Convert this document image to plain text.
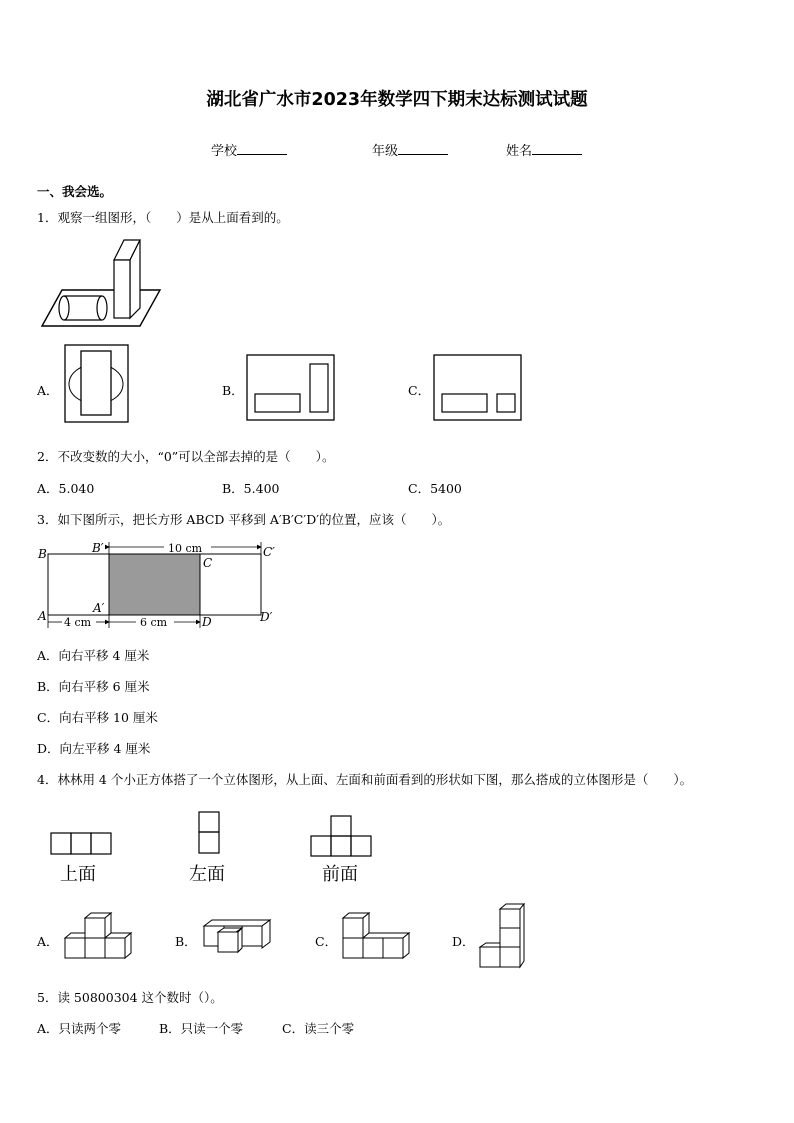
湖北省广水市2023年数学四下期末达标测试试题
学校	年级	姓名
一、我会选。
1．观察一组图形，（　　）是从上面看到的。
A．	B．	C．
2．不改变数的大小，“0”可以全部去掉的是（　　）。
A．5.040	B．5.400	C．5400
3．如下图所示，把长方形 ABCD 平移到 A′B′C′D′的位置，应该（　　）。
B	B′
C
C′
A
A′
D	D′
10 cm
4 cm	6 cm
A．向右平移 4 厘米
B．向右平移 6 厘米
C．向右平移 10 厘米
D．向左平移 4 厘米
4．林林用 4 个小正方体搭了一个立体图形，从上面、左面和前面看到的形状如下图，那么搭成的立体图形是（　　）。
上面	左面	前面
A．	B．	C．	D．
5．读 50800304 这个数时（）。
A．只读两个零	B．只读一个零	C．读三个零
